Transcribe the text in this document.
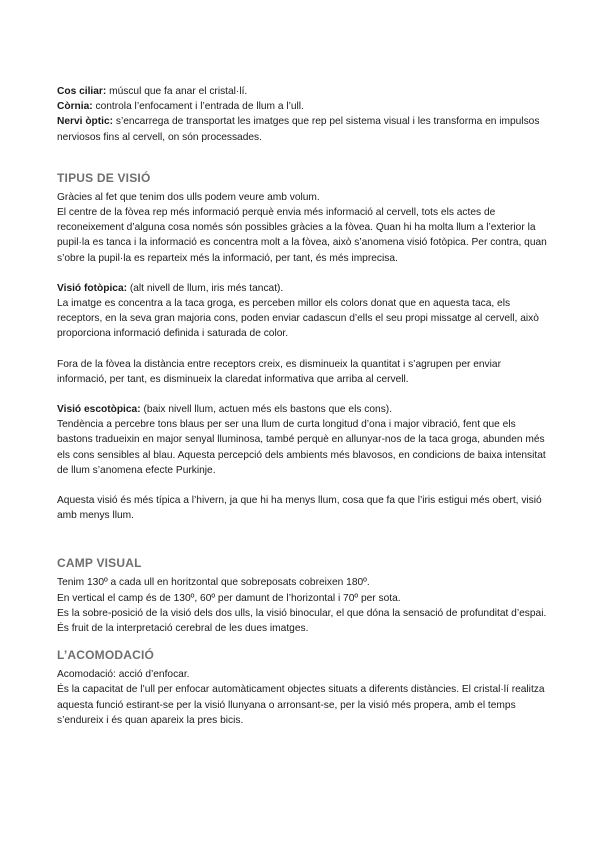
Cos ciliar: múscul que fa anar el cristal·lí.

Còrnia: controla l’enfocament i l’entrada de llum a l’ull.

Nervi òptic: s’encarrega de transportat les imatges que rep pel sistema visual i les transforma en impulsos nerviosos fins al cervell, on són processades.

TIPUS DE VISIÓ

Gràcies al fet que tenim dos ulls podem veure amb volum.

El centre de la fòvea rep més informació perquè envia més informació al cervell, tots els actes de reconeixement d’alguna cosa només són possibles gràcies a la fòvea. Quan hi ha molta llum a l’exterior la pupil·la es tanca i la informació es concentra molt a la fòvea, això s’anomena visió fotòpica. Per contra, quan s’obre la pupil·la es reparteix més la informació, per tant, és més imprecisa.

Visió fotòpica: (alt nivell de llum, iris més tancat).

La imatge es concentra a la taca groga, es perceben millor els colors donat que en aquesta taca, els receptors, en la seva gran majoria cons, poden enviar cadascun d’ells el seu propi missatge al cervell, això proporciona informació definida i saturada de color.

Fora de la fòvea la distància entre receptors creix, es disminueix la quantitat i s’agrupen per enviar informació, per tant, es disminueix la claredat informativa que arriba al cervell.

Visió escotòpica: (baix nivell llum, actuen més els bastons que els cons).

Tendència a percebre tons blaus per ser una llum de curta longitud d’ona i major vibració, fent que els bastons tradueixin en major senyal lluminosa, també perquè en allunyar-nos de la taca groga, abunden més els cons sensibles al blau. Aquesta percepció dels ambients més blavosos, en condicions de baixa intensitat de llum s’anomena efecte Purkinje.

Aquesta visió és més típica a l’hivern, ja que hi ha menys llum, cosa que fa que l’iris estigui més obert, visió amb menys llum.

CAMP VISUAL

Tenim 130º a cada ull en horitzontal que sobreposats cobreixen 180º.

En vertical el camp és de 130º, 60º per damunt de l’horizontal i 70º per sota.

Es la sobre-posició de la visió dels dos ulls, la visió binocular, el que dóna la sensació de profunditat d’espai. És fruit de la interpretació cerebral de les dues imatges.

L’ACOMODACIÓ

Acomodació: acció d’enfocar.

És la capacitat de l’ull per enfocar automàticament objectes situats a diferents distàncies. El cristal·lí realitza aquesta funció estirant-se per la visió llunyana o arronsant-se, per la visió més propera, amb el temps s’endureix i és quan apareix la pres bicis.
